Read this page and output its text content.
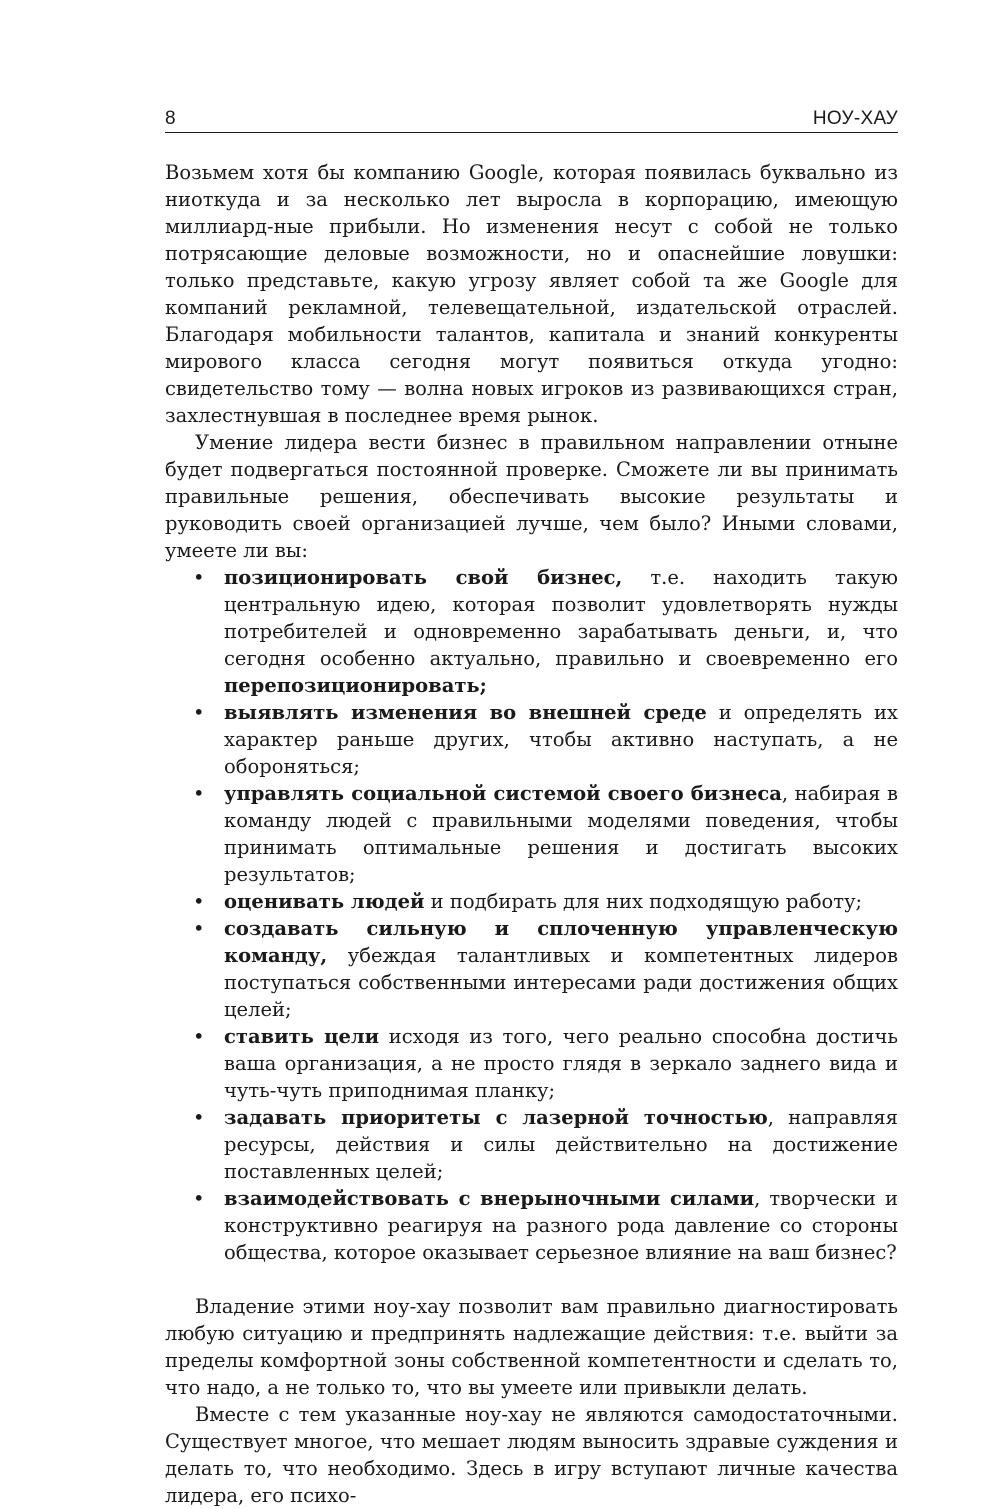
8	НОУ-ХАУ

Возьмем хотя бы компанию Google, которая появилась буквально из ниоткуда и за несколько лет выросла в корпорацию, имеющую миллиард-ные прибыли. Но изменения несут с собой не только потрясающие деловые возможности, но и опаснейшие ловушки: только представьте, какую угрозу являет собой та же Google для компаний рекламной, телевещательной, издательской отраслей. Благодаря мобильности талантов, капитала и знаний конкуренты мирового класса сегодня могут появиться откуда угодно: свидетельство тому — волна новых игроков из развивающихся стран, захлестнувшая в последнее время рынок.

Умение лидера вести бизнес в правильном направлении отныне будет подвергаться постоянной проверке. Сможете ли вы принимать правильные решения, обеспечивать высокие результаты и руководить своей организацией лучше, чем было? Иными словами, умеете ли вы:

• позиционировать свой бизнес, т.е. находить такую центральную идею, которая позволит удовлетворять нужды потребителей и одновременно зарабатывать деньги, и, что сегодня особенно актуально, правильно и своевременно его перепозиционировать;
• выявлять изменения во внешней среде и определять их характер раньше других, чтобы активно наступать, а не обороняться;
• управлять социальной системой своего бизнеса, набирая в команду людей с правильными моделями поведения, чтобы принимать оптимальные решения и достигать высоких результатов;
• оценивать людей и подбирать для них подходящую работу;
• создавать сильную и сплоченную управленческую команду, убеждая талантливых и компетентных лидеров поступаться собственными интересами ради достижения общих целей;
• ставить цели исходя из того, чего реально способна достичь ваша организация, а не просто глядя в зеркало заднего вида и чуть-чуть приподнимая планку;
• задавать приоритеты с лазерной точностью, направляя ресурсы, действия и силы действительно на достижение поставленных целей;
• взаимодействовать с внерыночными силами, творчески и конструктивно реагируя на разного рода давление со стороны общества, которое оказывает серьезное влияние на ваш бизнес?

Владение этими ноу-хау позволит вам правильно диагностировать любую ситуацию и предпринять надлежащие действия: т.е. выйти за пределы комфортной зоны собственной компетентности и сделать то, что надо, а не только то, что вы умеете или привыкли делать.

Вместе с тем указанные ноу-хау не являются самодостаточными. Существует многое, что мешает людям выносить здравые суждения и делать то, что необходимо. Здесь в игру вступают личные качества лидера, его психо-
